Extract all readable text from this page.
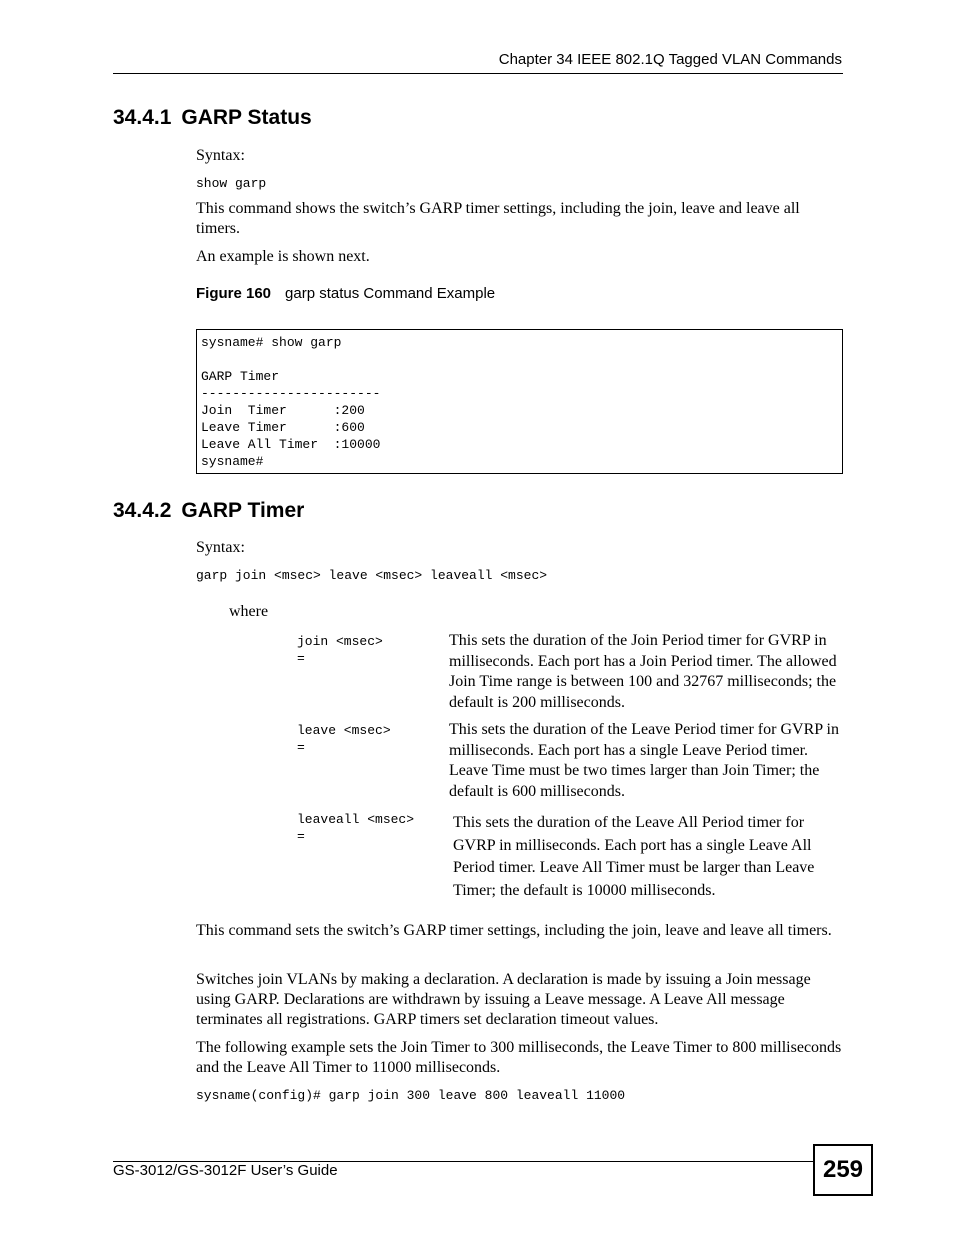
Chapter 34 IEEE 802.1Q Tagged VLAN Commands
34.4.1 GARP Status

Syntax:

show garp

This command shows the switch’s GARP timer settings, including the join, leave and leave all timers.

An example is shown next.

Figure 160 garp status Command Example
sysname# show garp

GARP Timer
-----------------------
Join  Timer      :200
Leave Timer      :600
Leave All Timer  :10000
sysname#
34.4.2 GARP Timer

Syntax:

garp join <msec> leave <msec> leaveall <msec>
where
join <msec>
=
This sets the duration of the Join Period timer for GVRP in milliseconds. Each port has a Join Period timer. The allowed Join Time range is between 100 and 32767 milliseconds; the default is 200 milliseconds.
leave <msec>
=
This sets the duration of the Leave Period timer for GVRP in milliseconds. Each port has a single Leave Period timer. Leave Time must be two times larger than Join Timer; the default is 600 milliseconds.
leaveall <msec>
=
This sets the duration of the Leave All Period timer for GVRP in milliseconds. Each port has a single Leave All Period timer. Leave All Timer must be larger than Leave Timer; the default is 10000 milliseconds.

This command sets the switch’s GARP timer settings, including the join, leave and leave all timers.

Switches join VLANs by making a declaration. A declaration is made by issuing a Join message using GARP. Declarations are withdrawn by issuing a Leave message. A Leave All message terminates all registrations. GARP timers set declaration timeout values.

The following example sets the Join Timer to 300 milliseconds, the Leave Timer to 800 milliseconds and the Leave All Timer to 11000 milliseconds.

sysname(config)# garp join 300 leave 800 leaveall 11000
GS-3012/GS-3012F User’s Guide	259
